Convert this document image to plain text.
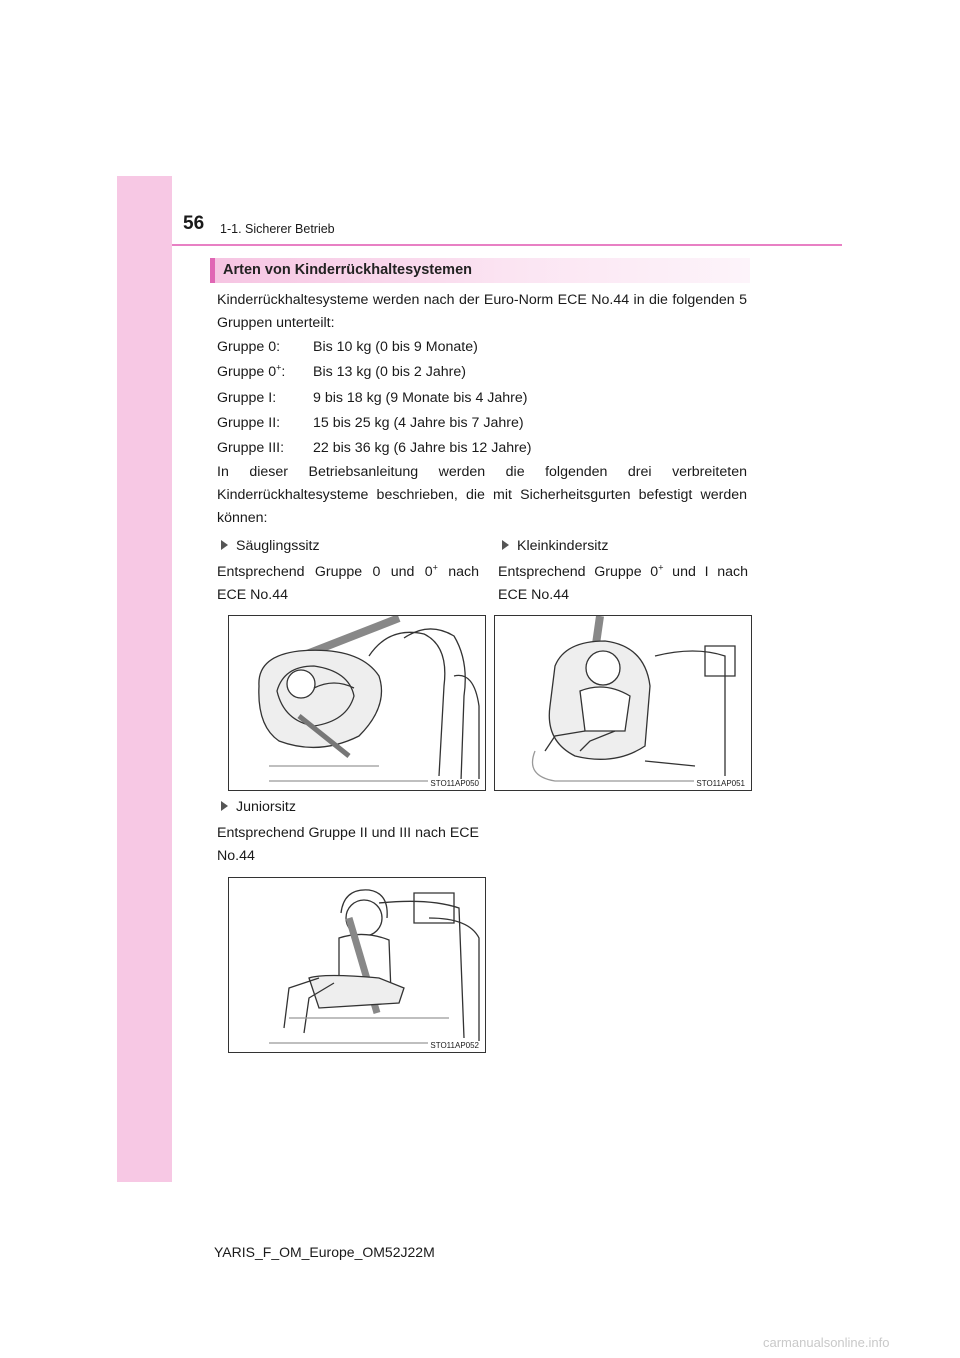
56 1-1. Sicherer Betrieb
Arten von Kinderrückhaltesystemen
Kinderrückhaltesysteme werden nach der Euro-Norm ECE No.44 in die folgenden 5 Gruppen unterteilt:
Gruppe 0: Bis 10 kg (0 bis 9 Monate)
Gruppe 0+: Bis 13 kg (0 bis 2 Jahre)
Gruppe I:	9 bis 18 kg (9 Monate bis 4 Jahre)
Gruppe II: 15 bis 25 kg (4 Jahre bis 7 Jahre)
Gruppe III: 22 bis 36 kg (6 Jahre bis 12 Jahre)
In dieser Betriebsanleitung werden die folgenden drei verbreiteten Kinderrückhaltesysteme beschrieben, die mit Sicherheitsgurten befestigt werden können:
Säuglingssitz
Entsprechend Gruppe 0 und 0+ nach ECE No.44
Kleinkindersitz
Entsprechend Gruppe 0+ und I nach ECE No.44
STO11AP050	STO11AP051
Juniorsitz
Entsprechend Gruppe II und III nach ECE No.44
STO11AP052
YARIS_F_OM_Europe_OM52J22M
carmanualsonline.info
